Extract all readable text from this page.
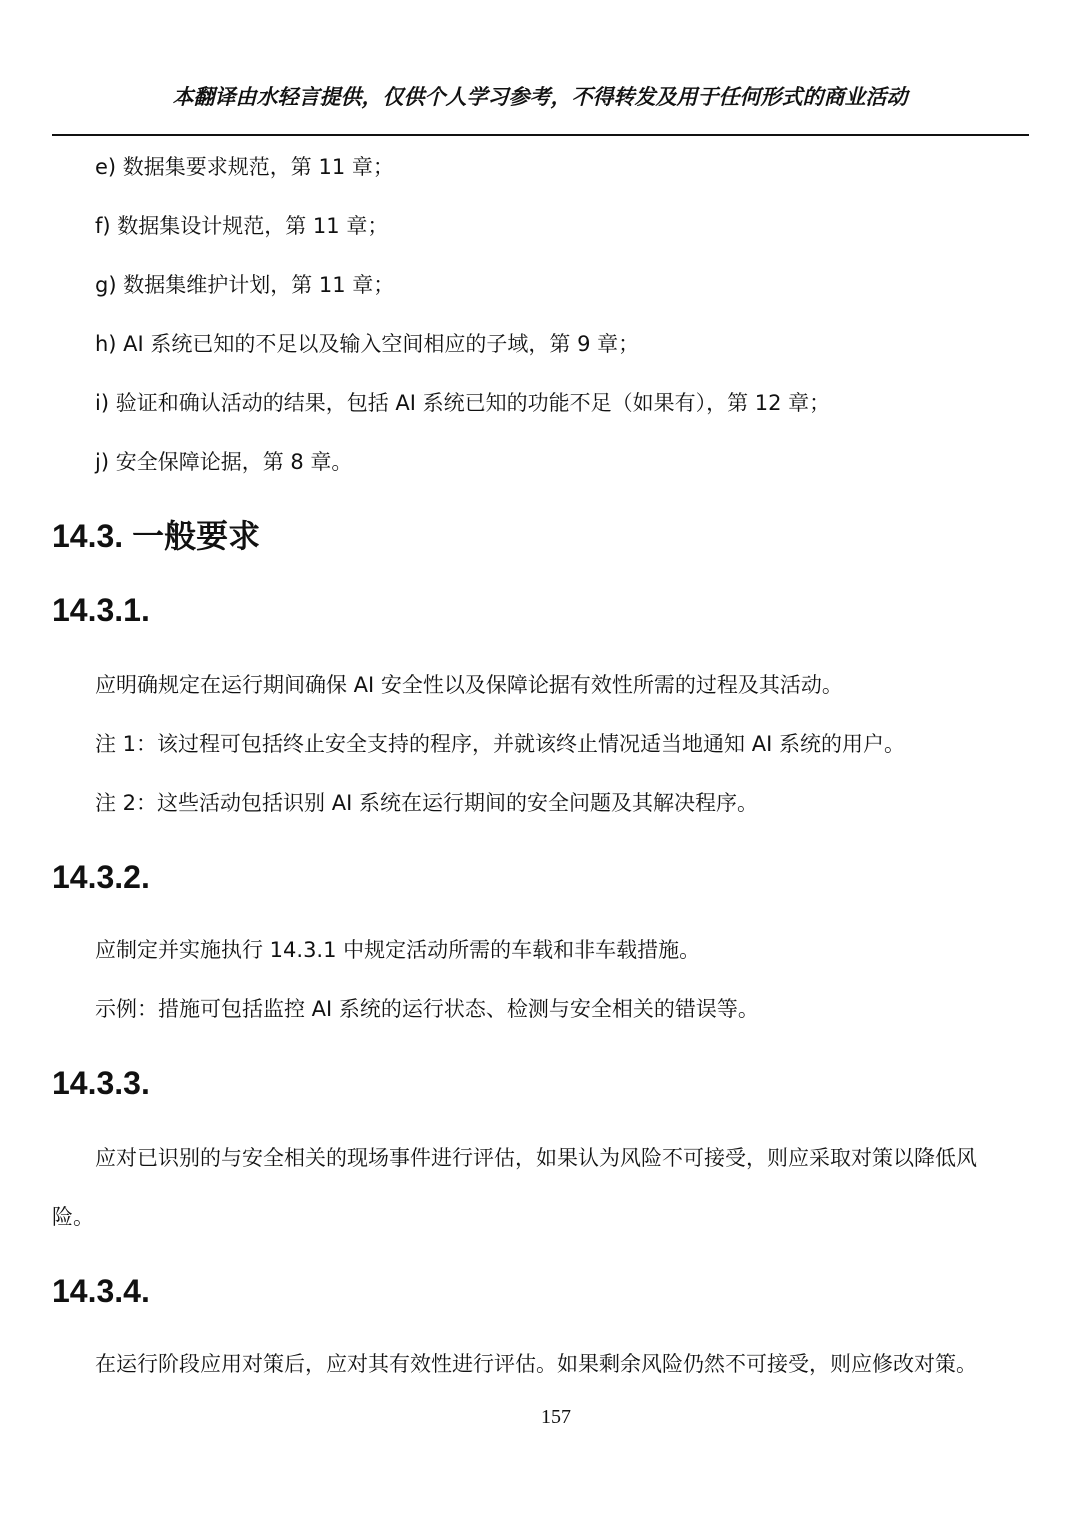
本翻译由水轻言提供，仅供个人学习参考，不得转发及用于任何形式的商业活动
e) 数据集要求规范，第 11 章；
f) 数据集设计规范，第 11 章；
g) 数据集维护计划，第 11 章；
h) AI 系统已知的不足以及输入空间相应的子域，第 9 章；
i) 验证和确认活动的结果，包括 AI 系统已知的功能不足（如果有），第 12 章；
j) 安全保障论据，第 8 章。
14.3. 一般要求
14.3.1.
应明确规定在运行期间确保 AI 安全性以及保障论据有效性所需的过程及其活动。
注 1：该过程可包括终止安全支持的程序，并就该终止情况适当地通知 AI 系统的用户。
注 2：这些活动包括识别 AI 系统在运行期间的安全问题及其解决程序。
14.3.2.
应制定并实施执行 14.3.1 中规定活动所需的车载和非车载措施。
示例：措施可包括监控 AI 系统的运行状态、检测与安全相关的错误等。
14.3.3.
应对已识别的与安全相关的现场事件进行评估，如果认为风险不可接受，则应采取对策以降低风
险。
14.3.4.
在运行阶段应用对策后，应对其有效性进行评估。如果剩余风险仍然不可接受，则应修改对策。
157
